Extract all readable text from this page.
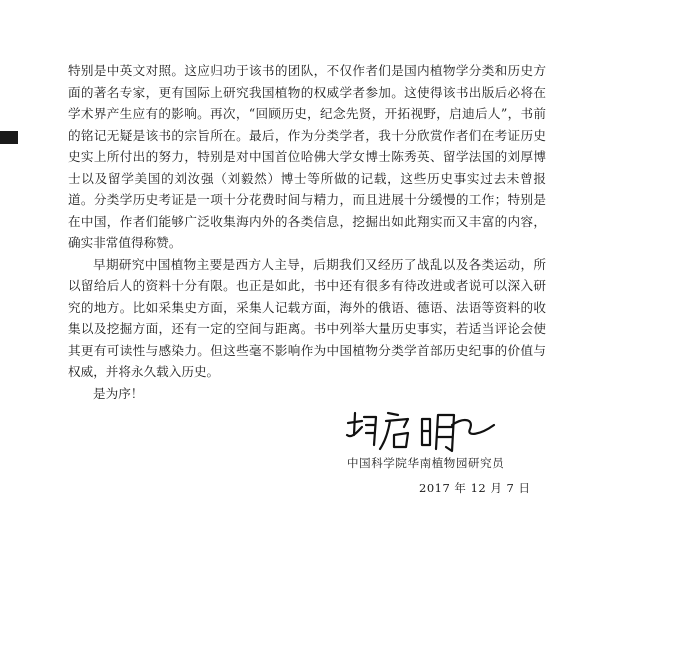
特别是中英文对照。这应归功于该书的团队，不仅作者们是国内植物学分类和历史方面的著名专家，更有国际上研究我国植物的权威学者参加。这使得该书出版后必将在学术界产生应有的影响。再次，“回顾历史，纪念先贤，开拓视野，启迪后人”，书前的铭记无疑是该书的宗旨所在。最后，作为分类学者，我十分欣赏作者们在考证历史史实上所付出的努力，特别是对中国首位哈佛大学女博士陈秀英、留学法国的刘厚博士以及留学美国的刘汝强（刘毅然）博士等所做的记载，这些历史事实过去未曾报道。分类学历史考证是一项十分花费时间与精力，而且进展十分缓慢的工作；特别是在中国，作者们能够广泛收集海内外的各类信息，挖掘出如此翔实而又丰富的内容，确实非常值得称赞。

早期研究中国植物主要是西方人主导，后期我们又经历了战乱以及各类运动，所以留给后人的资料十分有限。也正是如此，书中还有很多有待改进或者说可以深入研究的地方。比如采集史方面，采集人记载方面，海外的俄语、德语、法语等资料的收集以及挖掘方面，还有一定的空间与距离。书中列举大量历史事实，若适当评论会使其更有可读性与感染力。但这些毫不影响作为中国植物分类学首部历史纪事的价值与权威，并将永久载入历史。

是为序！

中国科学院华南植物园研究员
2017 年 12 月 7 日
